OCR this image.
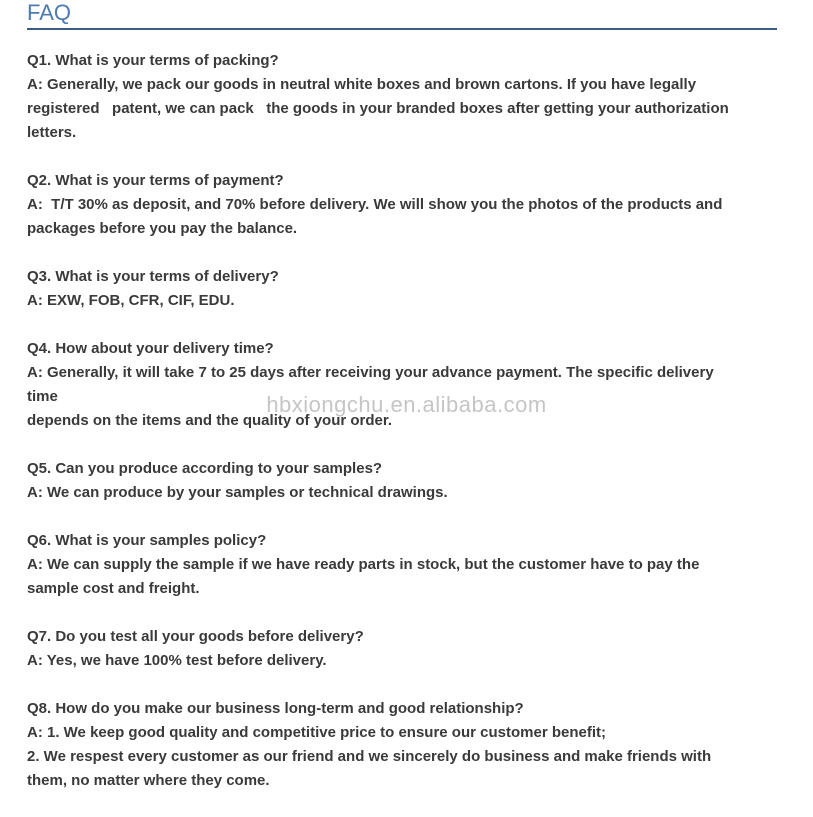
FAQ

Q1. What is your terms of packing?

A: Generally, we pack our goods in neutral white boxes and brown cartons. If you have legally

registered   patent, we can pack   the goods in your branded boxes after getting your authorization

letters.

Q2. What is your terms of payment?

A:  T/T 30% as deposit, and 70% before delivery. We will show you the photos of the products and

packages before you pay the balance.

Q3. What is your terms of delivery?

A: EXW, FOB, CFR, CIF, EDU.

Q4. How about your delivery time?

A: Generally, it will take 7 to 25 days after receiving your advance payment. The specific delivery

time

depends on the items and the quality of your order.

Q5. Can you produce according to your samples?

A: We can produce by your samples or technical drawings.

Q6. What is your samples policy?

A: We can supply the sample if we have ready parts in stock, but the customer have to pay the

sample cost and freight.

Q7. Do you test all your goods before delivery?

A: Yes, we have 100% test before delivery.

Q8. How do you make our business long-term and good relationship?

A: 1. We keep good quality and competitive price to ensure our customer benefit;

2. We respest every customer as our friend and we sincerely do business and make friends with

them, no matter where they come.

hbxiongchu.en.alibaba.com
